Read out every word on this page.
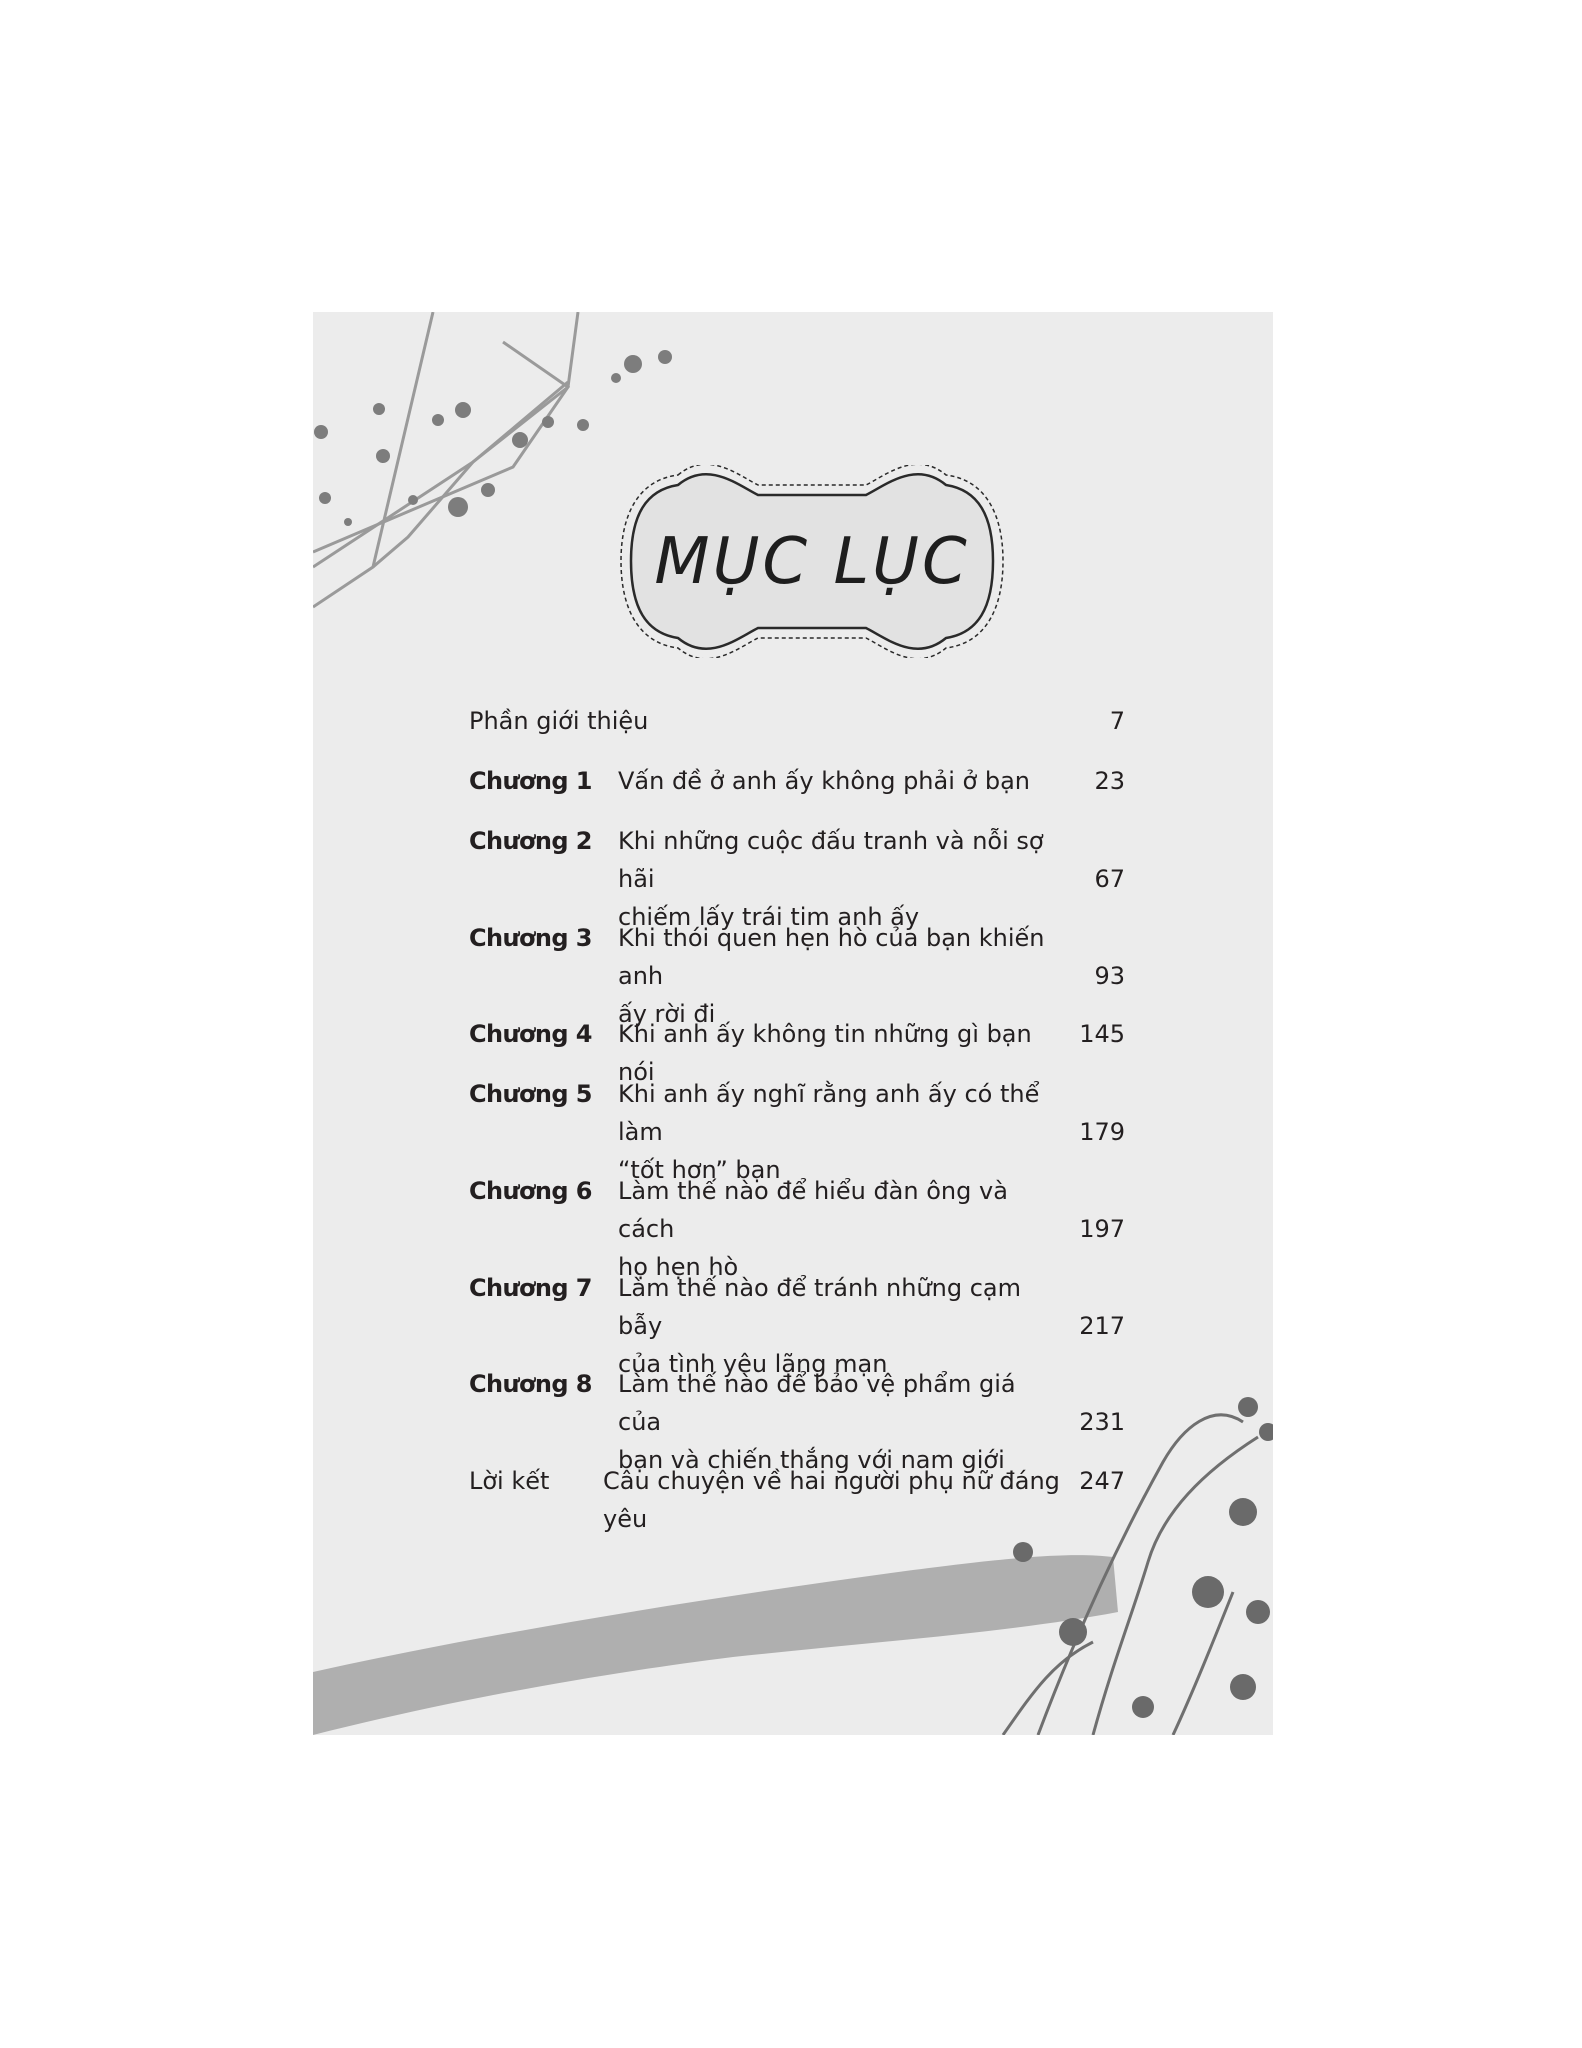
MỤC LỤC
Phần giới thiệu	7
Chương 1 Vấn đề ở anh ấy không phải ở bạn	23
Chương 2 Khi những cuộc đấu tranh và nỗi sợ hãi
chiếm lấy trái tim anh ấy
67
Chương 3 Khi thói quen hẹn hò của bạn khiến anh
ấy rời đi
93
Chương 4 Khi anh ấy không tin những gì bạn nói
145
Chương 5 Khi anh ấy nghĩ rằng anh ấy có thể làm
“tốt hơn” bạn
179
Chương 6 Làm thế nào để hiểu đàn ông và cách
họ hẹn hò
197
Chương 7 Làm thế nào để tránh những cạm bẫy
của tình yêu lãng mạn
217
Chương 8 Làm thế nào để bảo vệ phẩm giá của
bạn và chiến thắng với nam giới
231
Lời kết Câu chuyện về hai người phụ nữ đáng yêu
247
